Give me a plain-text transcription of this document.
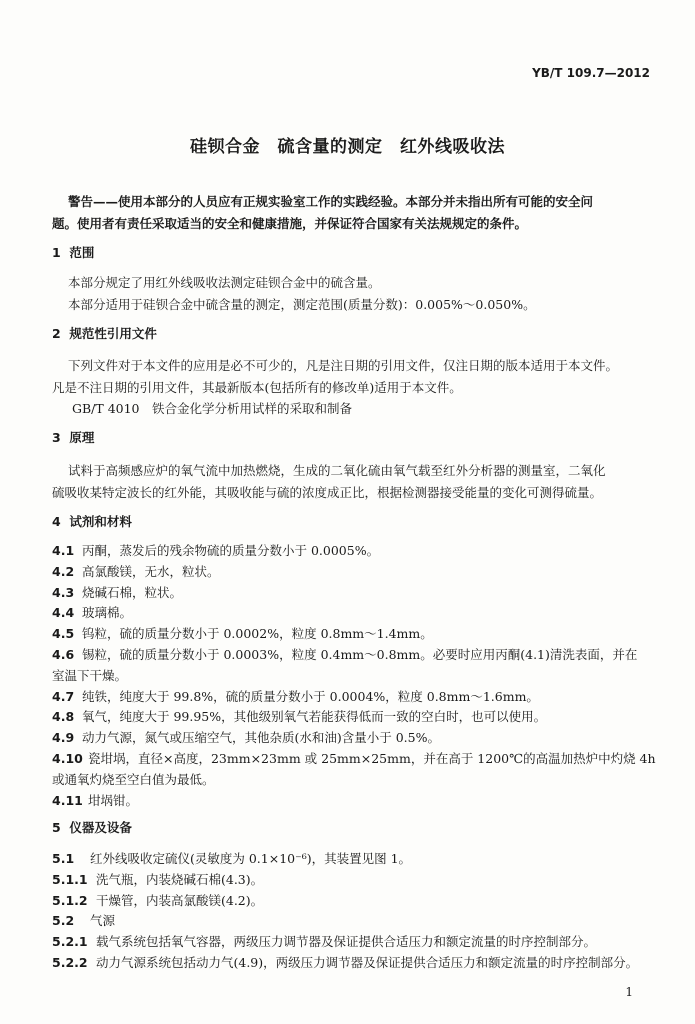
YB/T 109.7—2012
硅钡合金　硫含量的测定　红外线吸收法
警告——使用本部分的人员应有正规实验室工作的实践经验。本部分并未指出所有可能的安全问
题。使用者有责任采取适当的安全和健康措施，并保证符合国家有关法规规定的条件。
1 范围
本部分规定了用红外线吸收法测定硅钡合金中的硫含量。
本部分适用于硅钡合金中硫含量的测定，测定范围(质量分数)：0.005%～0.050%。
2 规范性引用文件
下列文件对于本文件的应用是必不可少的，凡是注日期的引用文件，仅注日期的版本适用于本文件。
凡是不注日期的引用文件，其最新版本(包括所有的修改单)适用于本文件。
GB/T 4010　铁合金化学分析用试样的采取和制备
3 原理
试料于高频感应炉的氧气流中加热燃烧，生成的二氧化硫由氧气载至红外分析器的测量室，二氧化
硫吸收某特定波长的红外能，其吸收能与硫的浓度成正比，根据检测器接受能量的变化可测得硫量。
4 试剂和材料
4.1 丙酮，蒸发后的残余物硫的质量分数小于 0.0005%。
4.2 高氯酸镁，无水，粒状。
4.3 烧碱石棉，粒状。
4.4 玻璃棉。
4.5 钨粒，硫的质量分数小于 0.0002%，粒度 0.8mm～1.4mm。
4.6 锡粒，硫的质量分数小于 0.0003%，粒度 0.4mm～0.8mm。必要时应用丙酮(4.1)清洗表面，并在
室温下干燥。
4.7 纯铁，纯度大于 99.8%，硫的质量分数小于 0.0004%，粒度 0.8mm～1.6mm。
4.8 氧气，纯度大于 99.95%，其他级别氧气若能获得低而一致的空白时，也可以使用。
4.9 动力气源，氮气或压缩空气，其他杂质(水和油)含量小于 0.5%。
4.10 瓷坩埚，直径×高度，23mm×23mm 或 25mm×25mm，并在高于 1200℃的高温加热炉中灼烧 4h
或通氧灼烧至空白值为最低。
4.11 坩埚钳。
5 仪器及设备
5.1 红外线吸收定硫仪(灵敏度为 0.1×10⁻⁶)，其装置见图 1。
5.1.1 洗气瓶，内装烧碱石棉(4.3)。
5.1.2 干燥管，内装高氯酸镁(4.2)。
5.2 气源
5.2.1 载气系统包括氧气容器，两级压力调节器及保证提供合适压力和额定流量的时序控制部分。
5.2.2 动力气源系统包括动力气(4.9)，两级压力调节器及保证提供合适压力和额定流量的时序控制部分。
1
